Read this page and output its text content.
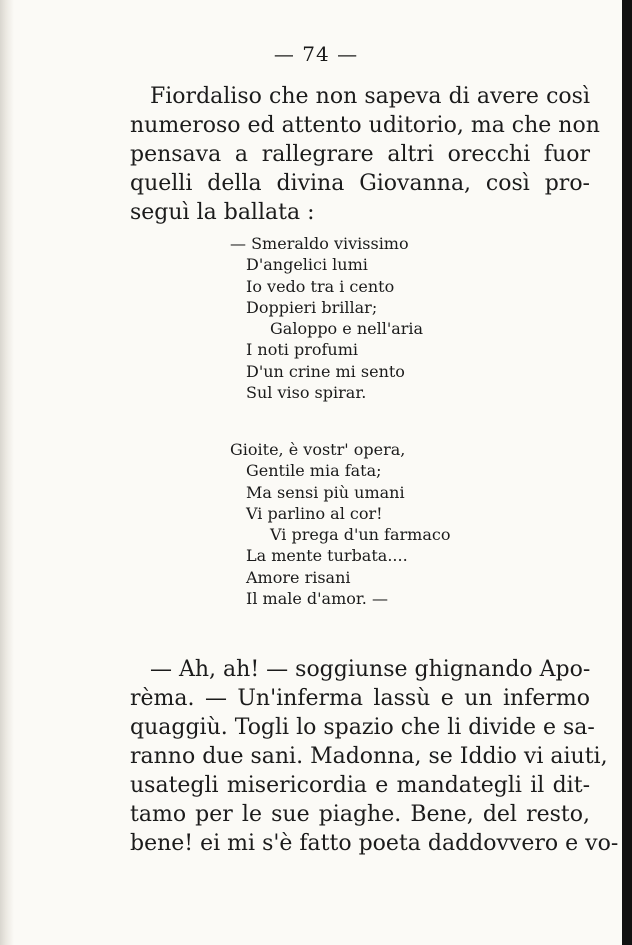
— 74 —
Fiordaliso che non sapeva di avere così
numeroso ed attento uditorio, ma che non
pensava a rallegrare altri orecchi fuor
quelli della divina Giovanna, così pro-
seguì la ballata :
— Smeraldo vivissimo
D'angelici lumi
Io vedo tra i cento
Doppieri brillar;
Galoppo e nell'aria
I noti profumi
D'un crine mi sento
Sul viso spirar.
Gioite, è vostr' opera,
Gentile mia fata;
Ma sensi più umani
Vi parlino al cor!
Vi prega d'un farmaco
La mente turbata....
Amore risani
Il male d'amor. —
— Ah, ah! — soggiunse ghignando Apo-
rèma. — Un'inferma lassù e un infermo
quaggiù. Togli lo spazio che li divide e sa-
ranno due sani. Madonna, se Iddio vi aiuti,
usategli misericordia e mandategli il dit-
tamo per le sue piaghe. Bene, del resto,
bene! ei mi s'è fatto poeta daddovvero e vo-
